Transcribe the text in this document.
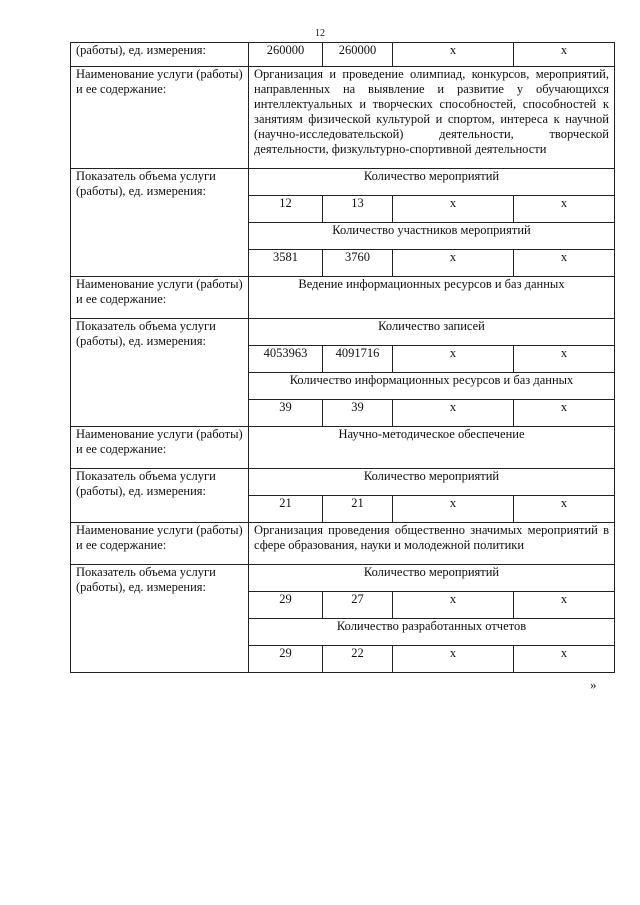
12
(работы), ед. измерения:	260000	260000	x	x
Наименование услуги (работы) и ее содержание:	Организация и проведение олимпиад, конкурсов, мероприятий, направленных на выявление и развитие у обучающихся интеллектуальных и творческих способностей, способностей к занятиям физической культурой и спортом, интереса к научной (научно-исследовательской) деятельности, творческой деятельности, физкультурно-спортивной деятельности			
Показатель объема услуги (работы), ед. измерения:	Количество мероприятий			
	12	13	x	x
	Количество участников мероприятий			
	3581	3760	x	x
Наименование услуги (работы) и ее содержание:	Ведение информационных ресурсов и баз данных			
Показатель объема услуги (работы), ед. измерения:	Количество записей			
	4053963	4091716	x	x
	Количество информационных ресурсов и баз данных			
	39	39	x	x
Наименование услуги (работы) и ее содержание:	Научно-методическое обеспечение			
Показатель объема услуги (работы), ед. измерения:	Количество мероприятий			
	21	21	x	x
Наименование услуги (работы) и ее содержание:	Организация проведения общественно значимых мероприятий в сфере образования, науки и молодежной политики			
Показатель объема услуги (работы), ед. измерения:	Количество мероприятий			
	29	27	x	x
	Количество разработанных отчетов			
	29	22	x	x
»
